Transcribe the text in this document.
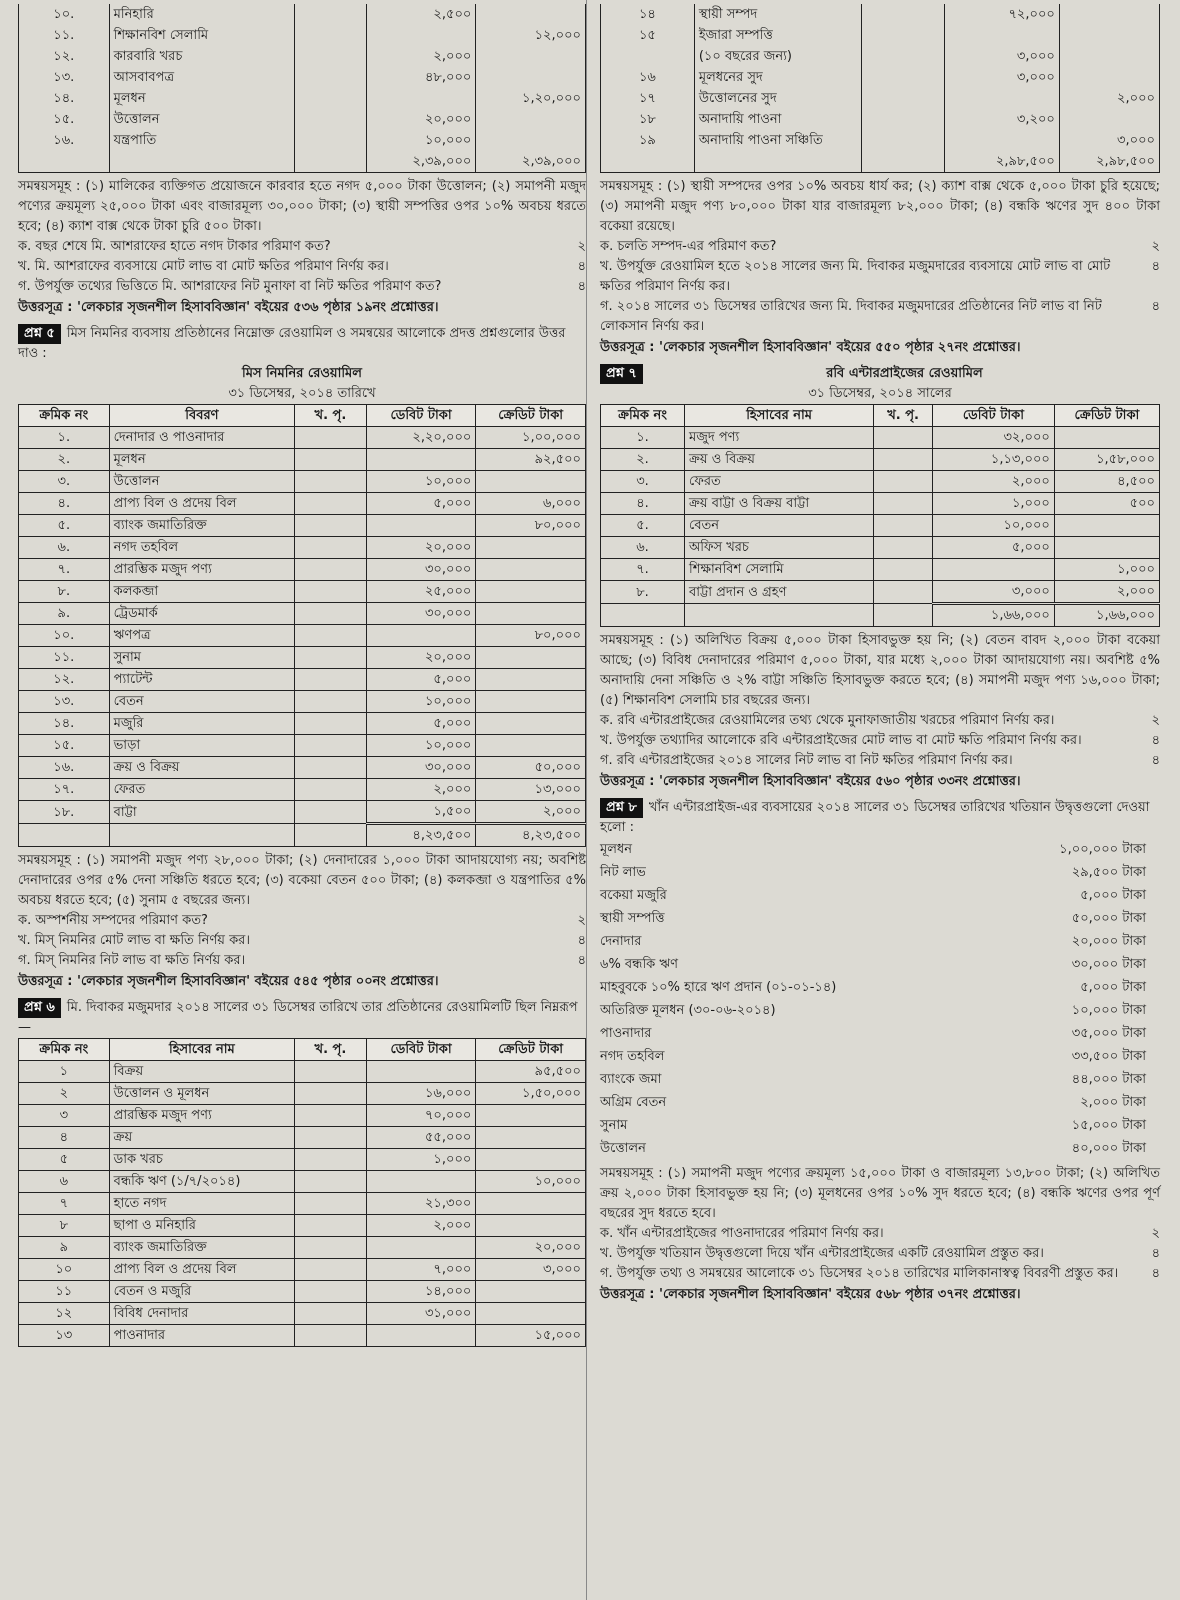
১০.	মনিহারি		২,৫০০	
১১.	শিক্ষানবিশ সেলামি			১২,০০০
১২.	কারবারি খরচ		২,০০০	
১৩.	আসবাবপত্র		৪৮,০০০	
১৪.	মূলধন			১,২০,০০০
১৫.	উত্তোলন		২০,০০০	
১৬.	যন্ত্রপাতি		১০,০০০	
			২,৩৯,০০০	২,৩৯,০০০

সমন্বয়সমূহ : (১) মালিকের ব্যক্তিগত প্রয়োজনে কারবার হতে নগদ ৫,০০০ টাকা উত্তোলন; (২) সমাপনী মজুদ পণ্যের ক্রয়মূল্য ২৫,০০০ টাকা এবং বাজারমূল্য ৩০,০০০ টাকা; (৩) স্থায়ী সম্পত্তির ওপর ১০% অবচয় ধরতে হবে; (৪) ক্যাশ বাক্স থেকে টাকা চুরি ৫০০ টাকা।

ক. বছর শেষে মি. আশরাফের হাতে নগদ টাকার পরিমাণ কত?	২
খ. মি. আশরাফের ব্যবসায়ে মোট লাভ বা মোট ক্ষতির পরিমাণ নির্ণয় কর।	৪
গ. উপর্যুক্ত তথ্যের ভিত্তিতে মি. আশরাফের নিট মুনাফা বা নিট ক্ষতির পরিমাণ কত?	৪

উত্তরসূত্র : 'লেকচার সৃজনশীল হিসাববিজ্ঞান' বইয়ের ৫৩৬ পৃষ্ঠার ১৯নং প্রশ্নোত্তর।

প্রশ্ন ৫ মিস নিমনির ব্যবসায় প্রতিষ্ঠানের নিম্নোক্ত রেওয়ামিল ও সমন্বয়ের আলোকে প্রদত্ত প্রশ্নগুলোর উত্তর দাও :

মিস নিমনির রেওয়ামিল

৩১ ডিসেম্বর, ২০১৪ তারিখে

ক্রমিক নং	বিবরণ	খ. পৃ.	ডেবিট টাকা	ক্রেডিট টাকা
১.	দেনাদার ও পাওনাদার		২,২০,০০০	১,০০,০০০
২.	মূলধন			৯২,৫০০
৩.	উত্তোলন		১০,০০০	
৪.	প্রাপ্য বিল ও প্রদেয় বিল		৫,০০০	৬,০০০
৫.	ব্যাংক জমাতিরিক্ত			৮০,০০০
৬.	নগদ তহবিল		২০,০০০	
৭.	প্রারম্ভিক মজুদ পণ্য		৩০,০০০	
৮.	কলকব্জা		২৫,০০০	
৯.	ট্রেডমার্ক		৩০,০০০	
১০.	ঋণপত্র			৮০,০০০
১১.	সুনাম		২০,০০০	
১২.	প্যাটেন্ট		৫,০০০	
১৩.	বেতন		১০,০০০	
১৪.	মজুরি		৫,০০০	
১৫.	ভাড়া		১০,০০০	
১৬.	ক্রয় ও বিক্রয়		৩০,০০০	৫০,০০০
১৭.	ফেরত		২,০০০	১৩,০০০
১৮.	বাট্টা		১,৫০০	২,০০০
			৪,২৩,৫০০	৪,২৩,৫০০

সমন্বয়সমূহ : (১) সমাপনী মজুদ পণ্য ২৮,০০০ টাকা; (২) দেনাদারের ১,০০০ টাকা আদায়যোগ্য নয়; অবশিষ্ট দেনাদারের ওপর ৫% দেনা সঞ্চিতি ধরতে হবে; (৩) বকেয়া বেতন ৫০০ টাকা; (৪) কলকব্জা ও যন্ত্রপাতির ৫% অবচয় ধরতে হবে; (৫) সুনাম ৫ বছরের জন্য।

ক. অস্পর্শনীয় সম্পদের পরিমাণ কত?	২
খ. মিস্ নিমনির মোট লাভ বা ক্ষতি নির্ণয় কর।	৪
গ. মিস্ নিমনির নিট লাভ বা ক্ষতি নির্ণয় কর।	৪

উত্তরসূত্র : 'লেকচার সৃজনশীল হিসাববিজ্ঞান' বইয়ের ৫৪৫ পৃষ্ঠার ০০নং প্রশ্নোত্তর।

প্রশ্ন ৬ মি. দিবাকর মজুমদার ২০১৪ সালের ৩১ ডিসেম্বর তারিখে তার প্রতিষ্ঠানের রেওয়ামিলটি ছিল নিম্নরূপ—

ক্রমিক নং	হিসাবের নাম	খ. পৃ.	ডেবিট টাকা	ক্রেডিট টাকা
১	বিক্রয়			৯৫,৫০০
২	উত্তোলন ও মূলধন		১৬,০০০	১,৫০,০০০
৩	প্রারম্ভিক মজুদ পণ্য		৭০,০০০	
৪	ক্রয়		৫৫,০০০	
৫	ডাক খরচ		১,০০০	
৬	বন্ধকি ঋণ (১/৭/২০১৪)			১০,০০০
৭	হাতে নগদ		২১,৩০০	
৮	ছাপা ও মনিহারি		২,০০০	
৯	ব্যাংক জমাতিরিক্ত			২০,০০০
১০	প্রাপ্য বিল ও প্রদেয় বিল		৭,০০০	৩,০০০
১১	বেতন ও মজুরি		১৪,০০০	
১২	বিবিধ দেনাদার		৩১,০০০	
১৩	পাওনাদার			১৫,০০০
১৪	স্থায়ী সম্পদ		৭২,০০০	
১৫	ইজারা সম্পত্তি			
	(১০ বছরের জন্য)		৩,০০০	
১৬	মূলধনের সুদ		৩,০০০	
১৭	উত্তোলনের সুদ			২,০০০
১৮	অনাদায়ি পাওনা		৩,২০০	
১৯	অনাদায়ি পাওনা সঞ্চিতি			৩,০০০
			২,৯৮,৫০০	২,৯৮,৫০০

সমন্বয়সমূহ : (১) স্থায়ী সম্পদের ওপর ১০% অবচয় ধার্য কর; (২) ক্যাশ বাক্স থেকে ৫,০০০ টাকা চুরি হয়েছে; (৩) সমাপনী মজুদ পণ্য ৮০,০০০ টাকা যার বাজারমূল্য ৮২,০০০ টাকা; (৪) বন্ধকি ঋণের সুদ ৪০০ টাকা বকেয়া রয়েছে।

ক. চলতি সম্পদ-এর পরিমাণ কত?	২
খ. উপর্যুক্ত রেওয়ামিল হতে ২০১৪ সালের জন্য মি. দিবাকর মজুমদারের ব্যবসায়ে মোট লাভ বা মোট ক্ষতির পরিমাণ নির্ণয় কর।
৪
গ. ২০১৪ সালের ৩১ ডিসেম্বর তারিখের জন্য মি. দিবাকর মজুমদারের প্রতিষ্ঠানের নিট লাভ বা নিট লোকসান নির্ণয় কর।
৪

উত্তরসূত্র : 'লেকচার সৃজনশীল হিসাববিজ্ঞান' বইয়ের ৫৫০ পৃষ্ঠার ২৭নং প্রশ্নোত্তর।

প্রশ্ন ৭	রবি এন্টারপ্রাইজের রেওয়ামিল

৩১ ডিসেম্বর, ২০১৪ সালের

ক্রমিক নং	হিসাবের নাম	খ. পৃ.	ডেবিট টাকা	ক্রেডিট টাকা
১.	মজুদ পণ্য		৩২,০০০	
২.	ক্রয় ও বিক্রয়		১,১৩,০০০	১,৫৮,০০০
৩.	ফেরত		২,০০০	৪,৫০০
৪.	ক্রয় বাট্টা ও বিক্রয় বাট্টা		১,০০০	৫০০
৫.	বেতন		১০,০০০	
৬.	অফিস খরচ		৫,০০০	
৭.	শিক্ষানবিশ সেলামি			১,০০০
৮.	বাট্টা প্রদান ও গ্রহণ		৩,০০০	২,০০০
			১,৬৬,০০০	১,৬৬,০০০

সমন্বয়সমূহ : (১) অলিখিত বিক্রয় ৫,০০০ টাকা হিসাবভুক্ত হয় নি; (২) বেতন বাবদ ২,০০০ টাকা বকেয়া আছে; (৩) বিবিধ দেনাদারের পরিমাণ ৫,০০০ টাকা, যার মধ্যে ২,০০০ টাকা আদায়যোগ্য নয়। অবশিষ্ট ৫% অনাদায়ি দেনা সঞ্চিতি ও ২% বাট্টা সঞ্চিতি হিসাবভুক্ত করতে হবে; (৪) সমাপনী মজুদ পণ্য ১৬,০০০ টাকা; (৫) শিক্ষানবিশ সেলামি চার বছরের জন্য।

ক. রবি এন্টারপ্রাইজের রেওয়ামিলের তথ্য থেকে মুনাফাজাতীয় খরচের পরিমাণ নির্ণয় কর।	২
খ. উপর্যুক্ত তথ্যাদির আলোকে রবি এন্টারপ্রাইজের মোট লাভ বা মোট ক্ষতি পরিমাণ নির্ণয় কর।	৪
গ. রবি এন্টারপ্রাইজের ২০১৪ সালের নিট লাভ বা নিট ক্ষতির পরিমাণ নির্ণয় কর।	৪

উত্তরসূত্র : 'লেকচার সৃজনশীল হিসাববিজ্ঞান' বইয়ের ৫৬০ পৃষ্ঠার ৩৩নং প্রশ্নোত্তর।

প্রশ্ন ৮ খাঁন এন্টারপ্রাইজ-এর ব্যবসায়ের ২০১৪ সালের ৩১ ডিসেম্বর তারিখের খতিয়ান উদ্বৃত্তগুলো দেওয়া হলো :

মূলধন	১,০০,০০০ টাকা
নিট লাভ	২৯,৫০০ টাকা
বকেয়া মজুরি	৫,০০০ টাকা
স্থায়ী সম্পত্তি	৫০,০০০ টাকা
দেনাদার	২০,০০০ টাকা
৬% বন্ধকি ঋণ	৩০,০০০ টাকা
মাহবুবকে ১০% হারে ঋণ প্রদান (০১-০১-১৪)	৫,০০০ টাকা
অতিরিক্ত মূলধন (৩০-০৬-২০১৪)	১০,০০০ টাকা
পাওনাদার	৩৫,০০০ টাকা
নগদ তহবিল	৩৩,৫০০ টাকা
ব্যাংকে জমা	৪৪,০০০ টাকা
অগ্রিম বেতন	২,০০০ টাকা
সুনাম	১৫,০০০ টাকা
উত্তোলন	৪০,০০০ টাকা

সমন্বয়সমূহ : (১) সমাপনী মজুদ পণ্যের ক্রয়মূল্য ১৫,০০০ টাকা ও বাজারমূল্য ১৩,৮০০ টাকা; (২) অলিখিত ক্রয় ২,০০০ টাকা হিসাবভুক্ত হয় নি; (৩) মূলধনের ওপর ১০% সুদ ধরতে হবে; (৪) বন্ধকি ঋণের ওপর পূর্ণ বছরের সুদ ধরতে হবে।

ক. খাঁন এন্টারপ্রাইজের পাওনাদারের পরিমাণ নির্ণয় কর।	২
খ. উপর্যুক্ত খতিয়ান উদ্বৃত্তগুলো দিয়ে খাঁন এন্টারপ্রাইজের একটি রেওয়ামিল প্রস্তুত কর।	৪
গ. উপর্যুক্ত তথ্য ও সমন্বয়ের আলোকে ৩১ ডিসেম্বর ২০১৪ তারিখের মালিকানাস্বত্ব বিবরণী প্রস্তুত কর।	৪

উত্তরসূত্র : 'লেকচার সৃজনশীল হিসাববিজ্ঞান' বইয়ের ৫৬৮ পৃষ্ঠার ৩৭নং প্রশ্নোত্তর।
